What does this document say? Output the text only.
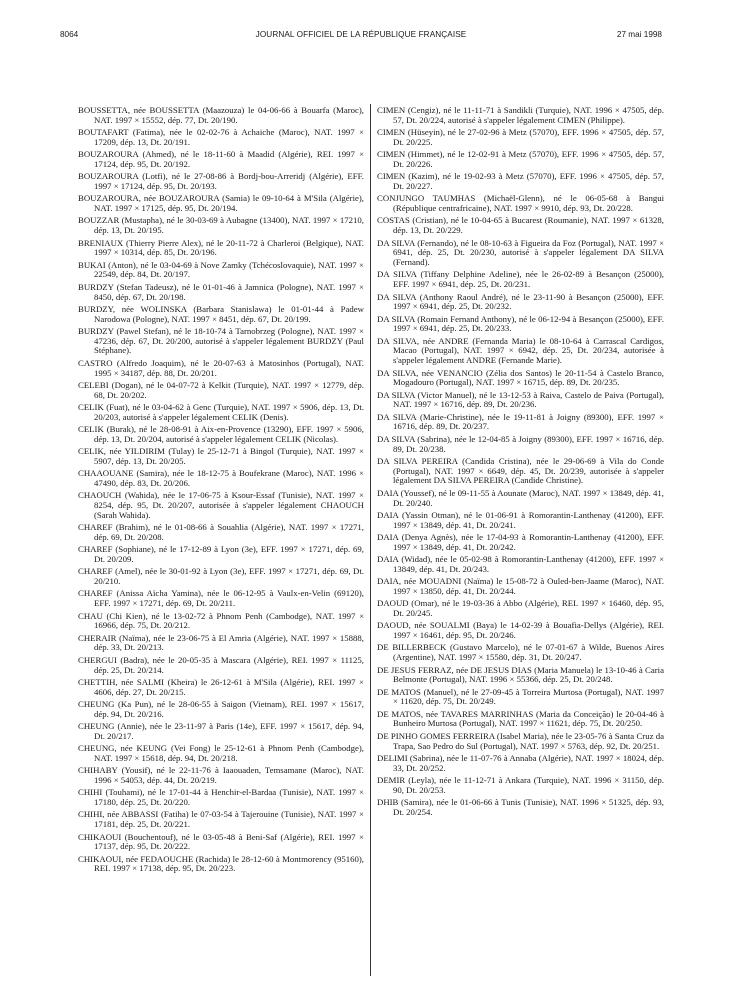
8064	JOURNAL OFFICIEL DE LA RÉPUBLIQUE FRANÇAISE	27 mai 1998

BOUSSETTA, née BOUSSETTA (Maazouza) le 04-06-66 à Bouarfa (Maroc), NAT. 1997 × 15552, dép. 77, Dt. 20/190.

BOUTAFART (Fatima), née le 02-02-76 à Achaiche (Maroc), NAT. 1997 × 17209, dép. 13, Dt. 20/191.

BOUZAROURA (Ahmed), né le 18-11-60 à Maadid (Algérie), REI. 1997 × 17124, dép. 95, Dt. 20/192.

BOUZAROURA (Lotfi), né le 27-08-86 à Bordj-bou-Arreridj (Algérie), EFF. 1997 × 17124, dép. 95, Dt. 20/193.

BOUZAROURA, née BOUZAROURA (Samia) le 09-10-64 à M'Sila (Algérie), NAT. 1997 × 17125, dép. 95, Dt. 20/194.

BOUZZAR (Mustapha), né le 30-03-69 à Aubagne (13400), NAT. 1997 × 17210, dép. 13, Dt. 20/195.

BRENIAUX (Thierry Pierre Alex), né le 20-11-72 à Charleroi (Belgique), NAT. 1997 × 10314, dép. 85, Dt. 20/196.

BUKAI (Anton), né le 03-04-69 à Nove Zamky (Tchécoslovaquie), NAT. 1997 × 22549, dép. 84, Dt. 20/197.

BURDZY (Stefan Tadeusz), né le 01-01-46 à Jamnica (Pologne), NAT. 1997 × 8450, dép. 67, Dt. 20/198.

BURDZY, née WOLINSKA (Barbara Stanislawa) le 01-01-44 à Padew Narodowa (Pologne), NAT. 1997 × 8451, dép. 67, Dt. 20/199.

BURDZY (Pawel Stefan), né le 18-10-74 à Tarnobrzeg (Pologne), NAT. 1997 × 47236, dép. 67, Dt. 20/200, autorisé à s'appeler légalement BURDZY (Paul Stéphane).

CASTRO (Alfredo Joaquim), né le 20-07-63 à Matosinhos (Portugal), NAT. 1995 × 34187, dép. 88, Dt. 20/201.

CELEBI (Dogan), né le 04-07-72 à Kelkit (Turquie), NAT. 1997 × 12779, dép. 68, Dt. 20/202.

CELIK (Fuat), né le 03-04-62 à Genc (Turquie), NAT. 1997 × 5906, dép. 13, Dt. 20/203, autorisé à s'appeler légalement CELIK (Denis).

CELIK (Burak), né le 28-08-91 à Aix-en-Provence (13290), EFF. 1997 × 5906, dép. 13, Dt. 20/204, autorisé à s'appeler légalement CELIK (Nicolas).

CELIK, née YILDIRIM (Tulay) le 25-12-71 à Bingol (Turquie), NAT. 1997 × 5907, dép. 13, Dt. 20/205.

CHAAOUANE (Samira), née le 18-12-75 à Boufekrane (Maroc), NAT. 1996 × 47490, dép. 83, Dt. 20/206.

CHAOUCH (Wahida), née le 17-06-75 à Ksour-Essaf (Tunisie), NAT. 1997 × 8254, dép. 95, Dt. 20/207, autorisée à s'appeler légalement CHAOUCH (Sarah Wahida).

CHAREF (Brahim), né le 01-08-66 à Souahlia (Algérie), NAT. 1997 × 17271, dép. 69, Dt. 20/208.

CHAREF (Sophiane), né le 17-12-89 à Lyon (3e), EFF. 1997 × 17271, dép. 69, Dt. 20/209.

CHAREF (Amel), née le 30-01-92 à Lyon (3e), EFF. 1997 × 17271, dép. 69, Dt. 20/210.

CHAREF (Anissa Aïcha Yamina), née le 06-12-95 à Vaulx-en-Velin (69120), EFF. 1997 × 17271, dép. 69, Dt. 20/211.

CHAU (Chi Kien), né le 13-02-72 à Phnom Penh (Cambodge), NAT. 1997 × 16966, dép. 75, Dt. 20/212.

CHERAIR (Naïma), née le 23-06-75 à El Amria (Algérie), NAT. 1997 × 15888, dép. 33, Dt. 20/213.

CHERGUI (Badra), née le 20-05-35 à Mascara (Algérie), REI. 1997 × 11125, dép. 25, Dt. 20/214.

CHETTIH, née SALMI (Kheira) le 26-12-61 à M'Sila (Algérie), REI. 1997 × 4606, dép. 27, Dt. 20/215.

CHEUNG (Ka Pun), né le 28-06-55 à Saigon (Vietnam), REI. 1997 × 15617, dép. 94, Dt. 20/216.

CHEUNG (Annie), née le 23-11-97 à Paris (14e), EFF. 1997 × 15617, dép. 94, Dt. 20/217.

CHEUNG, née KEUNG (Vei Fong) le 25-12-61 à Phnom Penh (Cambodge), NAT. 1997 × 15618, dép. 94, Dt. 20/218.

CHIHABY (Yousif), né le 22-11-76 à Iaaouaden, Temsamane (Maroc), NAT. 1996 × 54053, dép. 44, Dt. 20/219.

CHIHI (Touhami), né le 17-01-44 à Henchir-el-Bardaa (Tunisie), NAT. 1997 × 17180, dép. 25, Dt. 20/220.

CHIHI, née ABBASSI (Fatiha) le 07-03-54 à Tajerouine (Tunisie), NAT. 1997 × 17181, dép. 25, Dt. 20/221.

CHIKAOUI (Bouchentouf), né le 03-05-48 à Beni-Saf (Algérie), REI. 1997 × 17137, dép. 95, Dt. 20/222.

CHIKAOUI, née FEDAOUCHE (Rachida) le 28-12-60 à Montmorency (95160), REI. 1997 × 17138, dép. 95, Dt. 20/223.

CIMEN (Cengiz), né le 11-11-71 à Sandikli (Turquie), NAT. 1996 × 47505, dép. 57, Dt. 20/224, autorisé à s'appeler légalement CIMEN (Philippe).

CIMEN (Hüseyin), né le 27-02-96 à Metz (57070), EFF. 1996 × 47505, dép. 57, Dt. 20/225.

CIMEN (Himmet), né le 12-02-91 à Metz (57070), EFF. 1996 × 47505, dép. 57, Dt. 20/226.

CIMEN (Kazim), né le 19-02-93 à Metz (57070), EFF. 1996 × 47505, dép. 57, Dt. 20/227.

CONJUNGO TAUMHAS (Michaël-Glenn), né le 06-05-68 à Bangui (République centrafricaine), NAT. 1997 × 9910, dép. 93, Dt. 20/228.

COSTAS (Cristian), né le 10-04-65 à Bucarest (Roumanie), NAT. 1997 × 61328, dép. 13, Dt. 20/229.

DA SILVA (Fernando), né le 08-10-63 à Figueira da Foz (Portugal), NAT. 1997 × 6941, dép. 25, Dt. 20/230, autorisé à s'appeler légalement DA SILVA (Fernand).

DA SILVA (Tiffany Delphine Adeline), née le 26-02-89 à Besançon (25000), EFF. 1997 × 6941, dép. 25, Dt. 20/231.

DA SILVA (Anthony Raoul André), né le 23-11-90 à Besançon (25000), EFF. 1997 × 6941, dép. 25, Dt. 20/232.

DA SILVA (Romain Fernand Anthony), né le 06-12-94 à Besançon (25000), EFF. 1997 × 6941, dép. 25, Dt. 20/233.

DA SILVA, née ANDRE (Fernanda Maria) le 08-10-64 à Carrascal Cardigos, Macao (Portugal), NAT. 1997 × 6942, dép. 25, Dt. 20/234, autorisée à s'appeler légalement ANDRE (Fernande Marie).

DA SILVA, née VENANCIO (Zélia dos Santos) le 20-11-54 à Castelo Branco, Mogadouro (Portugal), NAT. 1997 × 16715, dép. 89, Dt. 20/235.

DA SILVA (Victor Manuel), né le 13-12-53 à Raiva, Castelo de Paiva (Portugal), NAT. 1997 × 16716, dép. 89, Dt. 20/236.

DA SILVA (Marie-Christine), née le 19-11-81 à Joigny (89300), EFF. 1997 × 16716, dép. 89, Dt. 20/237.

DA SILVA (Sabrina), née le 12-04-85 à Joigny (89300), EFF. 1997 × 16716, dép. 89, Dt. 20/238.

DA SILVA PEREIRA (Candida Cristina), née le 29-06-69 à Vila do Conde (Portugal), NAT. 1997 × 6649, dép. 45, Dt. 20/239, autorisée à s'appeler légalement DA SILVA PEREIRA (Candide Christine).

DAIA (Youssef), né le 09-11-55 à Aounate (Maroc), NAT. 1997 × 13849, dép. 41, Dt. 20/240.

DAIA (Yassin Otman), né le 01-06-91 à Romorantin-Lanthenay (41200), EFF. 1997 × 13849, dép. 41, Dt. 20/241.

DAIA (Denya Agnès), née le 17-04-93 à Romorantin-Lanthenay (41200), EFF. 1997 × 13849, dép. 41, Dt. 20/242.

DAIA (Widad), née le 05-02-98 à Romorantin-Lanthenay (41200), EFF. 1997 × 13849, dép. 41, Dt. 20/243.

DAIA, née MOUADNI (Naïma) le 15-08-72 à Ouled-ben-Jaame (Maroc), NAT. 1997 × 13850, dép. 41, Dt. 20/244.

DAOUD (Omar), né le 19-03-36 à Abbo (Algérie), REI. 1997 × 16460, dép. 95, Dt. 20/245.

DAOUD, née SOUALMI (Baya) le 14-02-39 à Bouafia-Dellys (Algérie), REI. 1997 × 16461, dép. 95, Dt. 20/246.

DE BILLERBECK (Gustavo Marcelo), né le 07-01-67 à Wilde, Buenos Aires (Argentine), NAT. 1997 × 15580, dép. 31, Dt. 20/247.

DE JESUS FERRAZ, née DE JESUS DIAS (Maria Manuela) le 13-10-46 à Caria Belmonte (Portugal), NAT. 1996 × 55366, dép. 25, Dt. 20/248.

DE MATOS (Manuel), né le 27-09-45 à Torreira Murtosa (Portugal), NAT. 1997 × 11620, dép. 75, Dt. 20/249.

DE MATOS, née TAVARES MARRINHAS (Maria da Conceição) le 20-04-46 à Bunheiro Murtosa (Portugal), NAT. 1997 × 11621, dép. 75, Dt. 20/250.

DE PINHO GOMES FERREIRA (Isabel Maria), née le 23-05-76 à Santa Cruz da Trapa, Sao Pedro do Sul (Portugal), NAT. 1997 × 5763, dép. 92, Dt. 20/251.

DELIMI (Sabrina), née le 11-07-76 à Annaba (Algérie), NAT. 1997 × 18024, dép. 33, Dt. 20/252.

DEMIR (Leyla), née le 11-12-71 à Ankara (Turquie), NAT. 1996 × 31150, dép. 90, Dt. 20/253.

DHIB (Samira), née le 01-06-66 à Tunis (Tunisie), NAT. 1996 × 51325, dép. 93, Dt. 20/254.
